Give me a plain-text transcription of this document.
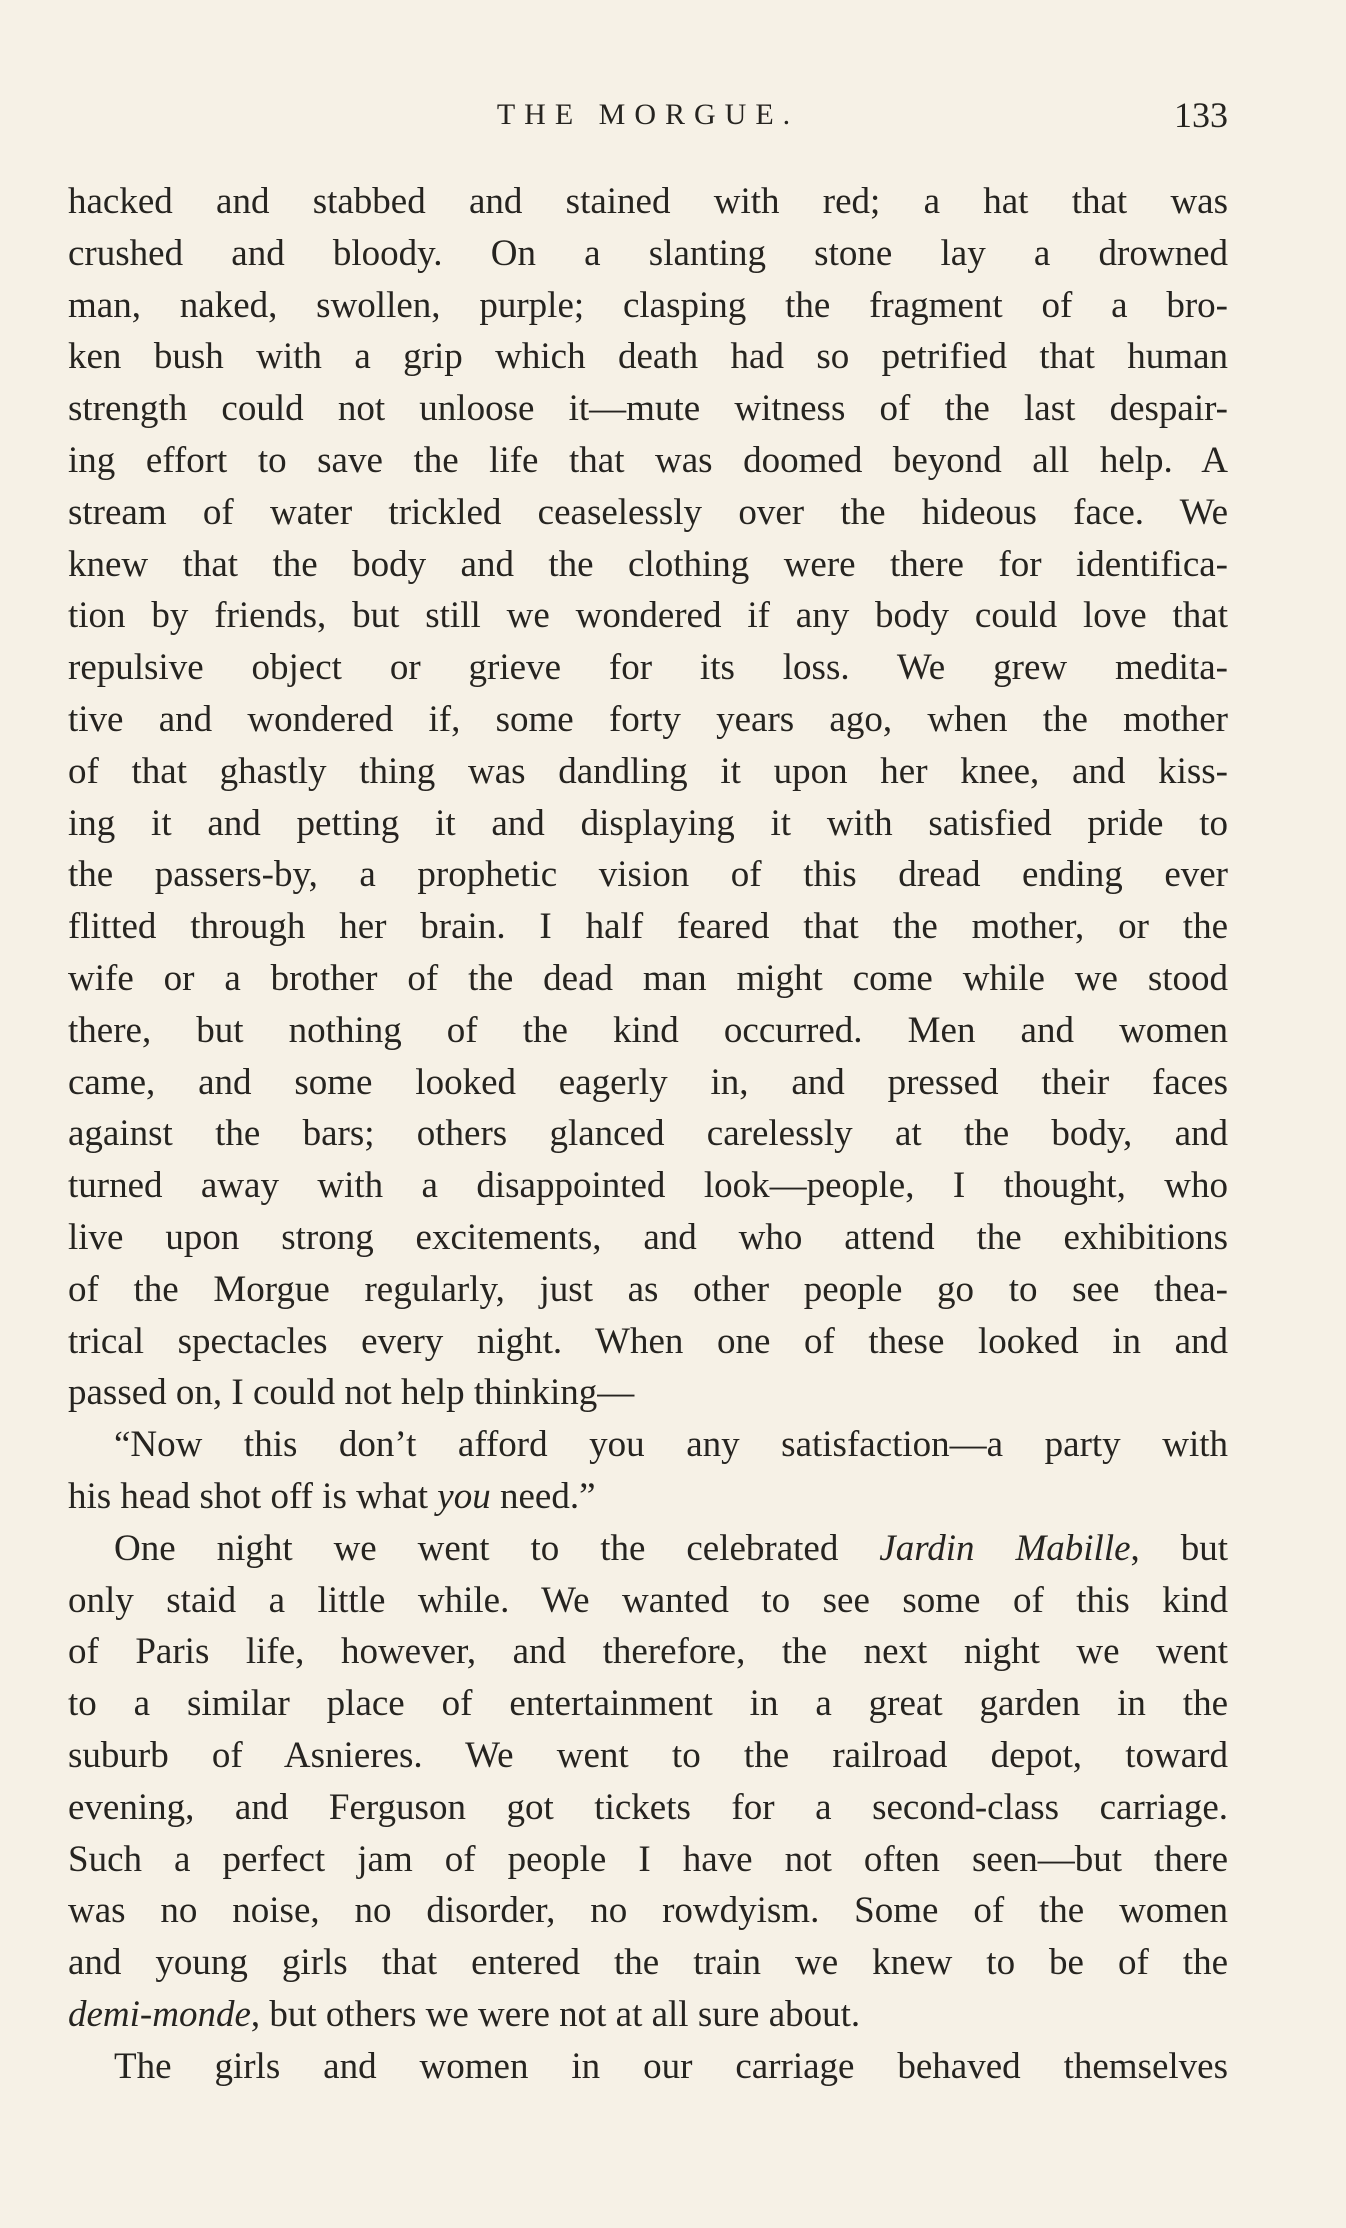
THE MORGUE.	133
hacked and stabbed and stained with red; a hat that was
crushed and bloody. On a slanting stone lay a drowned
man, naked, swollen, purple; clasping the fragment of a bro-
ken bush with a grip which death had so petrified that human
strength could not unloose it—mute witness of the last despair-
ing effort to save the life that was doomed beyond all help. A
stream of water trickled ceaselessly over the hideous face. We
knew that the body and the clothing were there for identifica-
tion by friends, but still we wondered if any body could love that
repulsive object or grieve for its loss. We grew medita-
tive and wondered if, some forty years ago, when the mother
of that ghastly thing was dandling it upon her knee, and kiss-
ing it and petting it and displaying it with satisfied pride to
the passers-by, a prophetic vision of this dread ending ever
flitted through her brain. I half feared that the mother, or the
wife or a brother of the dead man might come while we stood
there, but nothing of the kind occurred. Men and women
came, and some looked eagerly in, and pressed their faces
against the bars; others glanced carelessly at the body, and
turned away with a disappointed look—people, I thought, who
live upon strong excitements, and who attend the exhibitions
of the Morgue regularly, just as other people go to see thea-
trical spectacles every night. When one of these looked in and
passed on, I could not help thinking—
“Now this don’t afford you any satisfaction—a party with
his head shot off is what you need.”
One night we went to the celebrated Jardin Mabille, but
only staid a little while. We wanted to see some of this kind
of Paris life, however, and therefore, the next night we went
to a similar place of entertainment in a great garden in the
suburb of Asnieres. We went to the railroad depot, toward
evening, and Ferguson got tickets for a second-class carriage.
Such a perfect jam of people I have not often seen—but there
was no noise, no disorder, no rowdyism. Some of the women
and young girls that entered the train we knew to be of the
demi-monde, but others we were not at all sure about.
The girls and women in our carriage behaved themselves
